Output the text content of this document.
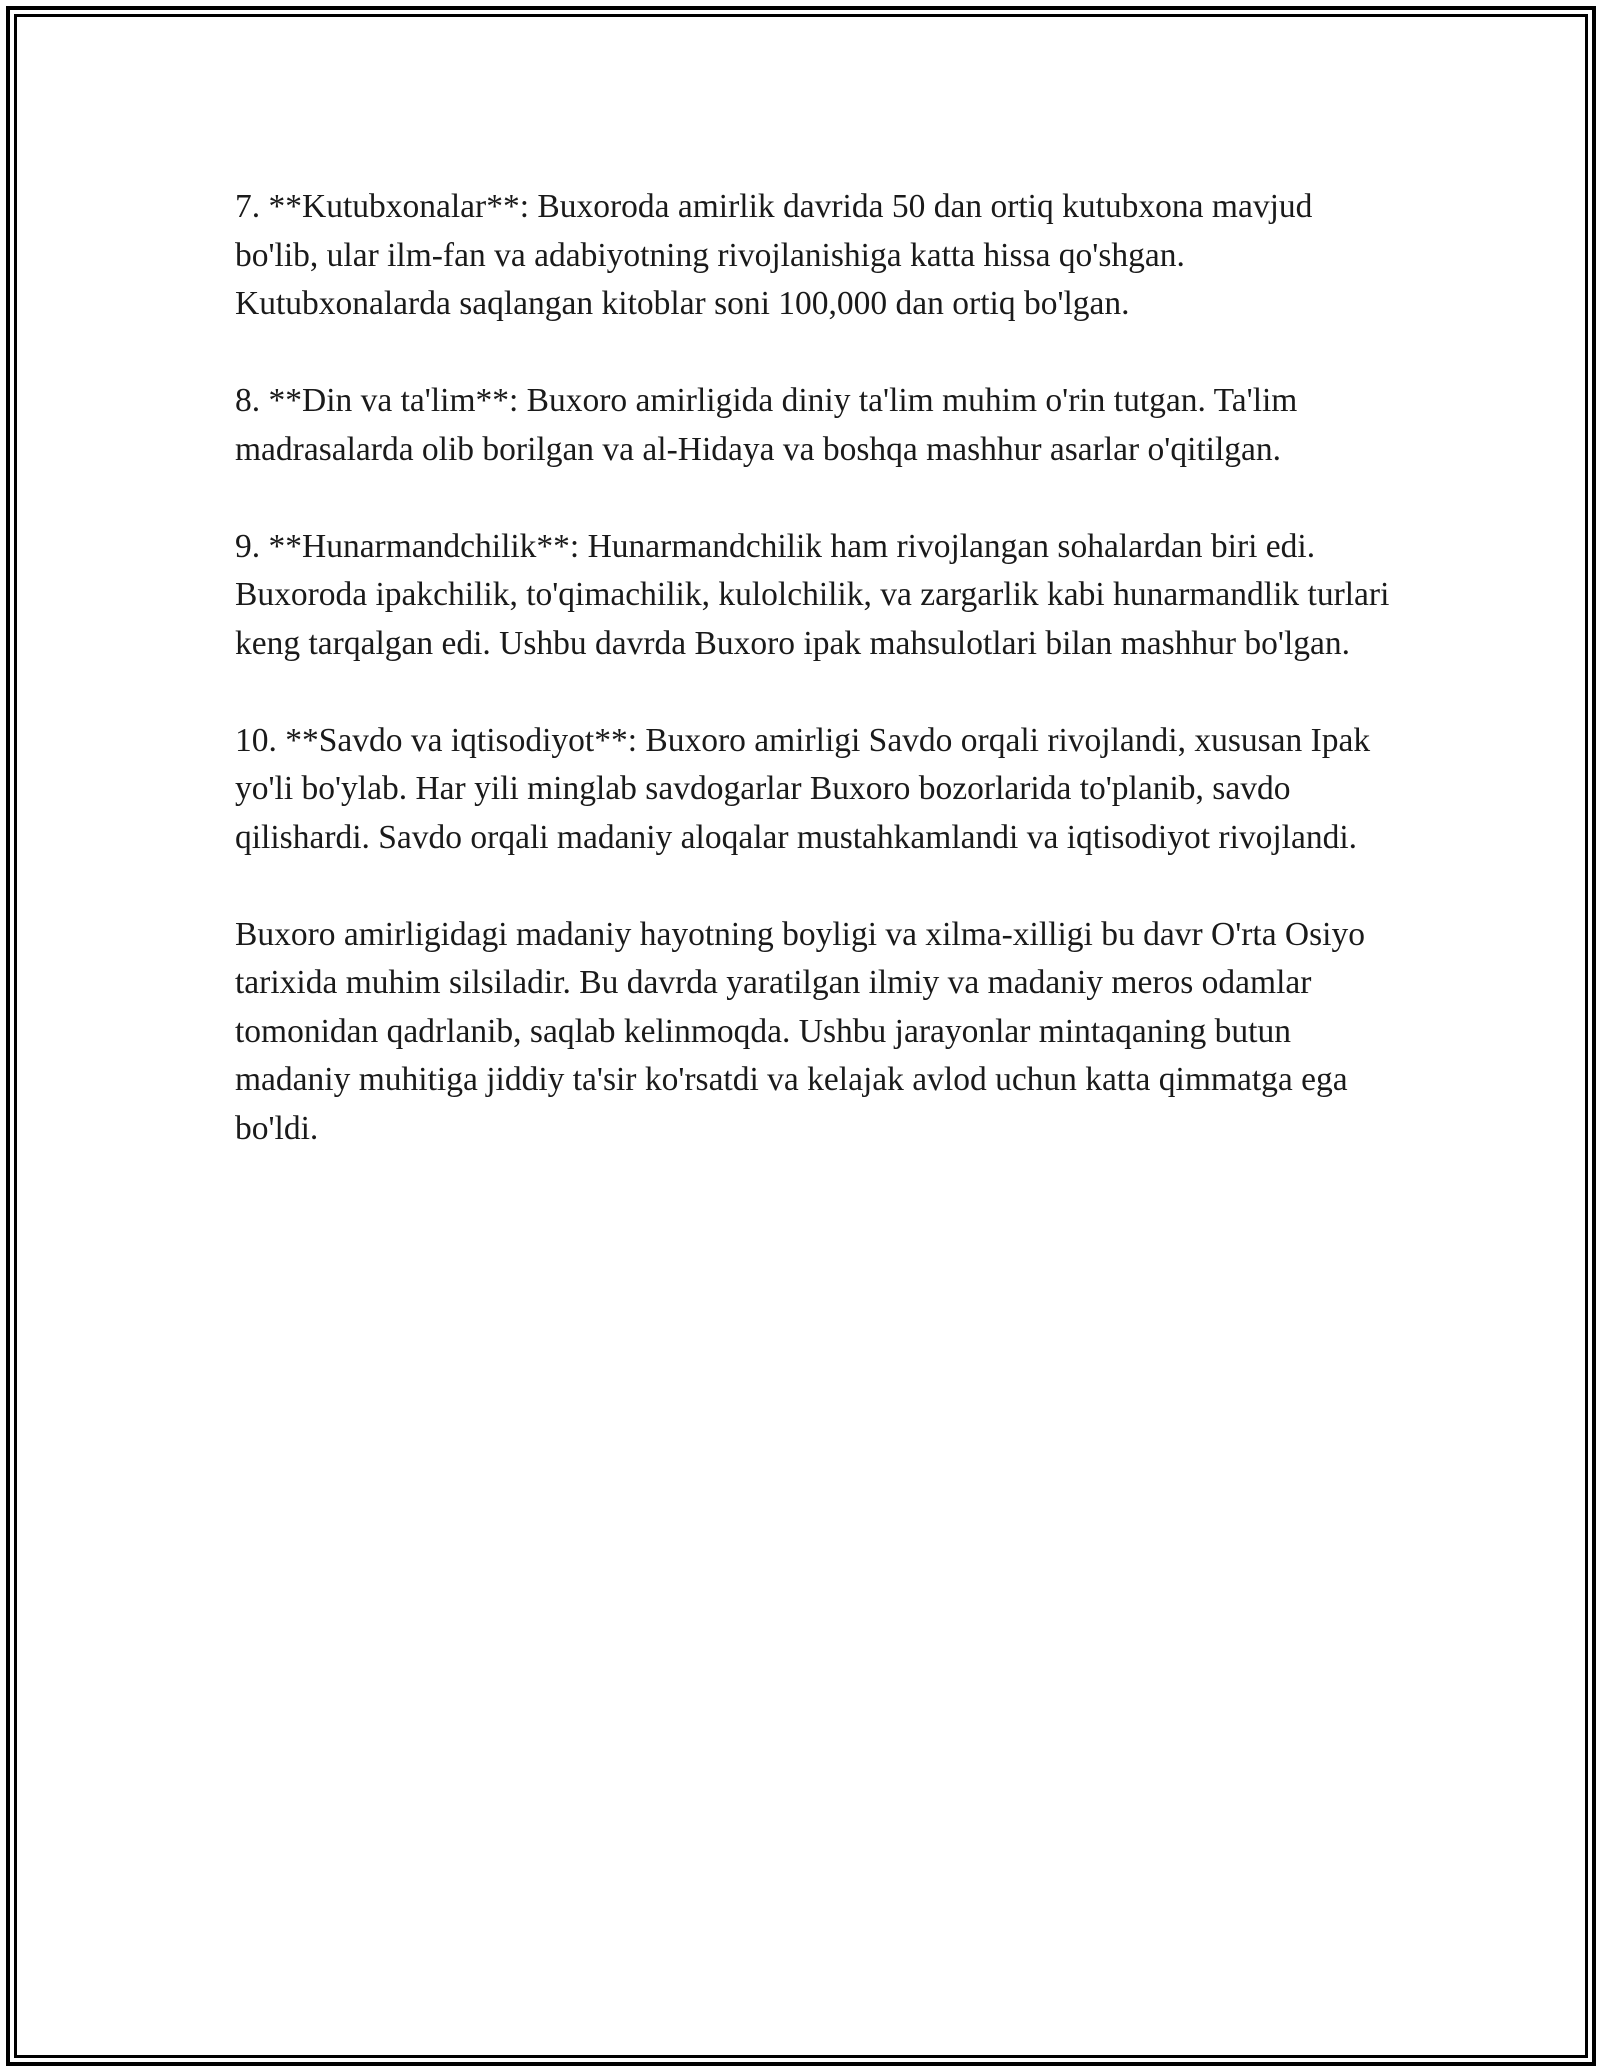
7. **Kutubxonalar**: Buxoroda amirlik davrida 50 dan ortiq kutubxona mavjud bo'lib, ular ilm-fan va adabiyotning rivojlanishiga katta hissa qo'shgan. Kutubxonalarda saqlangan kitoblar soni 100,000 dan ortiq bo'lgan.

8. **Din va ta'lim**: Buxoro amirligida diniy ta'lim muhim o'rin tutgan. Ta'lim madrasalarda olib borilgan va al-Hidaya va boshqa mashhur asarlar o'qitilgan.

9. **Hunarmandchilik**: Hunarmandchilik ham rivojlangan sohalardan biri edi. Buxoroda ipakchilik, to'qimachilik, kulolchilik, va zargarlik kabi hunarmandlik turlari keng tarqalgan edi. Ushbu davrda Buxoro ipak mahsulotlari bilan mashhur bo'lgan.

10. **Savdo va iqtisodiyot**: Buxoro amirligi Savdo orqali rivojlandi, xususan Ipak yo'li bo'ylab. Har yili minglab savdogarlar Buxoro bozorlarida to'planib, savdo qilishardi. Savdo orqali madaniy aloqalar mustahkamlandi va iqtisodiyot rivojlandi.

Buxoro amirligidagi madaniy hayotning boyligi va xilma-xilligi bu davr O'rta Osiyo tarixida muhim silsiladir. Bu davrda yaratilgan ilmiy va madaniy meros odamlar tomonidan qadrlanib, saqlab kelinmoqda. Ushbu jarayonlar mintaqaning butun madaniy muhitiga jiddiy ta'sir ko'rsatdi va kelajak avlod uchun katta qimmatga ega bo'ldi.
